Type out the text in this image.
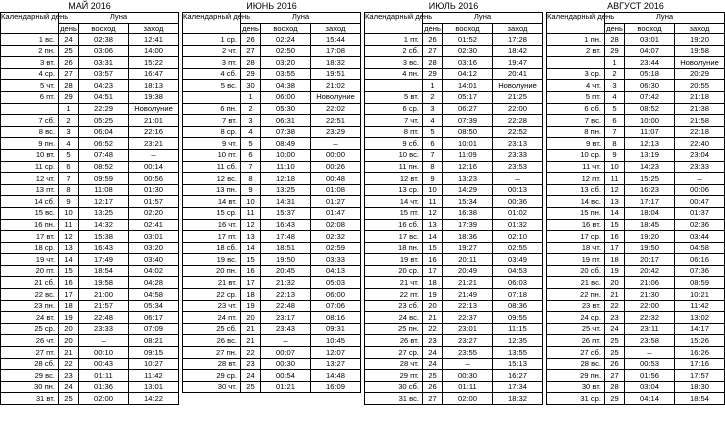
МАЙ 2016			
Календарный день	Луна		
	день	восход	заход
1 вс.	24	02:38	12:41
2 пн.	25	03:06	14:00
3 вт.	26	03:31	15:22
4 ср.	27	03:57	16:47
5 чт.	28	04:23	18:13
6 пт.	29	04:51	19:38
	1	22:29	Новолуние
7 сб.	2	05:25	21:01
8 вс.	3	06:04	22:16
9 пн.	4	06:52	23:21
10 вт.	5	07:48	–
11 ср.	6	08:52	00:14
12 чт.	7	09:59	00:56
13 пт.	8	11:08	01:30
14 сб.	9	12:17	01:57
15 вс.	10	13:25	02:20
16 пн.	11	14:32	02:41
17 вт.	12	15:38	03:01
18 ср.	13	16:43	03:20
19 чт.	14	17:49	03:40
20 пт.	15	18:54	04:02
21 сб.	16	19:58	04:28
22 вс.	17	21:00	04:58
23 пн.	18	21:57	05:34
24 вт.	19	22:48	06:17
25 ср.	20	23:33	07:09
26 чт.	20	–	08:21
27 пт.	21	00:10	09:15
28 сб.	22	00:43	10:27
29 вс.	23	01:11	11:42
30 пн.	24	01:36	13:01
31 вт.	25	02:00	14:22
ИЮНЬ 2016			
Календарный день	Луна		
	день	восход	заход
1 ср.	26	02:24	15:44
2 чт.	27	02:50	17:08
3 пт.	28	03:20	18:32
4 сб.	29	03:55	19:51
5 вс.	30	04:38	21:02
	1	06:00	Новолуние
6 пн.	2	05:30	22:02
7 вт.	3	06:31	22:51
8 ср.	4	07:38	23:29
9 чт.	5	08:49	–
10 пт.	6	10:00	00:00
11 сб.	7	11:10	00:26
12 вс.	8	12:18	00:48
13 пн.	9	13:25	01:08
14 вт.	10	14:31	01:27
15 ср.	11	15:37	01:47
16 чт.	12	16:43	02:08
17 пт.	13	17:48	02:32
18 сб.	14	18:51	02:59
19 вс.	15	19:50	03:33
20 пн.	16	20:45	04:13
21 вт.	17	21:32	05:03
22 ср.	18	22:13	06:00
23 чт.	19	22:48	07:06
24 пт.	20	23:17	08:16
25 сб.	21	23:43	09:31
26 вс.	21	–	10:45
27 пн.	22	00:07	12:07
28 вт.	23	00:30	13:27
29 ср.	24	00:54	14:48
30 чт.	25	01:21	16:09
ИЮЛЬ 2016			
Календарный день	Луна		
	день	восход	заход
1 пт.	26	01:52	17:28
2 сб.	27	02:30	18:42
3 вс.	28	03:16	19:47
4 пн.	29	04:12	20:41
	1	14:01	Новолуние
5 вт.	2	05:17	21:25
6 ср.	3	06:27	22:00
7 чт.	4	07:39	22:28
8 пт.	5	08:50	22:52
9 сб.	6	10:01	23:13
10 вс.	7	11:09	23:33
11 пн.	8	12:16	23:53
12 вт.	9	13:23	–
13 ср.	10	14:29	00:13
14 чт.	11	15:34	00:36
15 пт.	12	16:38	01:02
16 сб.	13	17:39	01:32
17 вс.	14	18:36	02:10
18 пн.	15	19:27	02:55
19 вт.	16	20:11	03:49
20 ср.	17	20:49	04:53
21 чт.	18	21:21	06:03
22 пт.	19	21:49	07:18
23 сб.	20	22:13	08:36
24 вс.	21	22:37	09:55
25 пн.	22	23:01	11:15
26 вт.	23	23:27	12:35
27 ср.	24	23:55	13:55
28 чт.	24	–	15:13
29 пт.	25	00:30	16:27
30 сб.	26	01:11	17:34
31 вс.	27	02:00	18:32
АВГУСТ 2016			
Календарный день	Луна		
	день	восход	заход
1 пн.	28	03:01	19:20
2 вт.	29	04:07	19:58
	1	23:44	Новолуние
3 ср.	2	05:18	20:29
4 чт.	3	06:30	20:55
5 пт.	4	07:42	21:18
6 сб.	5	08:52	21:38
7 вс.	6	10:00	21:58
8 пн.	7	11:07	22:18
9 вт.	8	12:13	22:40
10 ср.	9	13:19	23:04
11 чт.	10	14:23	23:33
12 пт.	11	15:25	–
13 сб.	12	16:23	00:06
14 вс.	13	17:17	00:47
15 пн.	14	18:04	01:37
16 вт.	15	18:45	02:36
17 ср.	16	19:20	03:44
18 чт.	17	19:50	04:58
19 пт.	18	20:17	06:16
20 сб.	19	20:42	07:36
21 вс.	20	21:06	08:59
22 пн.	21	21:30	10:21
23 вт.	22	22:00	11:42
24 ср.	23	22:32	13:02
25 чт.	24	23:11	14:17
26 пт.	25	23:58	15:26
27 сб.	25	–	16:26
28 вс.	26	00:53	17:16
29 пн.	27	01:56	17:57
30 вт.	28	03:04	18:30
31 ср.	29	04:14	18:54
